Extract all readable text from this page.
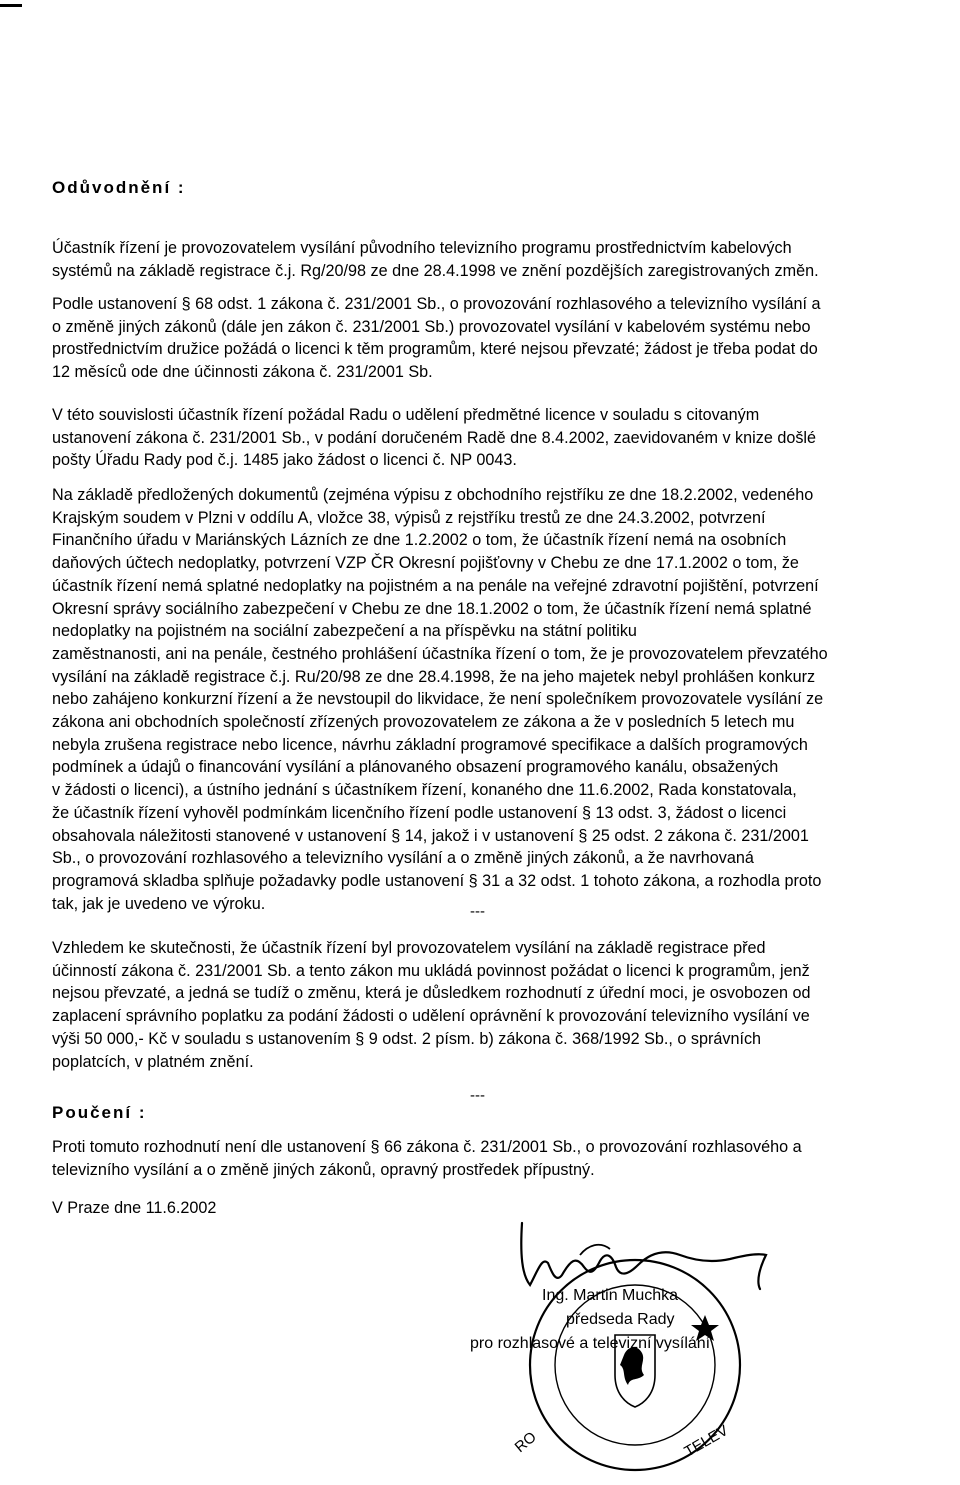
Odůvodnění :

Účastník řízení je provozovatelem vysílání původního televizního programu prostřednictvím kabelových
systémů na základě registrace č.j. Rg/20/98 ze dne 28.4.1998 ve znění pozdějších zaregistrovaných změn.

Podle ustanovení § 68 odst. 1 zákona č. 231/2001 Sb., o provozování rozhlasového a televizního vysílání a
o změně jiných zákonů (dále jen zákon č. 231/2001 Sb.) provozovatel vysílání v kabelovém systému nebo
prostřednictvím družice požádá o licenci k těm programům, které nejsou převzaté; žádost je třeba podat do
12 měsíců ode dne účinnosti zákona č. 231/2001 Sb.

V této souvislosti účastník řízení požádal Radu o udělení předmětné licence v souladu s citovaným
ustanovení zákona č. 231/2001 Sb., v podání doručeném Radě dne 8.4.2002, zaevidovaném v knize došlé
pošty Úřadu Rady pod č.j. 1485 jako žádost o licenci č. NP 0043.

Na základě předložených dokumentů (zejména výpisu z obchodního rejstříku ze dne 18.2.2002, vedeného
Krajským soudem v Plzni v oddílu A, vložce 38, výpisů z rejstříku trestů ze dne 24.3.2002, potvrzení
Finančního úřadu v Mariánských Lázních ze dne 1.2.2002 o tom, že účastník řízení nemá na osobních
daňových účtech nedoplatky, potvrzení VZP ČR Okresní pojišťovny v Chebu ze dne 17.1.2002 o tom, že
účastník řízení nemá splatné nedoplatky na pojistném a na penále na veřejné zdravotní pojištění, potvrzení
Okresní správy sociálního zabezpečení v Chebu ze dne 18.1.2002 o tom, že účastník řízení nemá splatné
nedoplatky na pojistném na sociální zabezpečení a na příspěvku na státní politiku
zaměstnanosti, ani na penále, čestného prohlášení účastníka řízení o tom, že je provozovatelem převzatého
vysílání na základě registrace č.j. Ru/20/98 ze dne 28.4.1998, že na jeho majetek nebyl prohlášen konkurz
nebo zahájeno konkurzní řízení a že nevstoupil do likvidace, že není společníkem provozovatele vysílání ze
zákona ani obchodních společností zřízených provozovatelem ze zákona a že v posledních 5 letech mu
nebyla zrušena registrace nebo licence, návrhu základní programové specifikace a dalších programových
podmínek a údajů o financování vysílání a plánovaného obsazení programového kanálu, obsažených
v žádosti o licenci), a ústního jednání s účastníkem řízení, konaného dne 11.6.2002, Rada konstatovala,
že účastník řízení vyhověl podmínkám licenčního řízení podle ustanovení § 13 odst. 3, žádost o licenci
obsahovala náležitosti stanovené v ustanovení § 14, jakož i v ustanovení § 25 odst. 2 zákona č. 231/2001
Sb., o provozování rozhlasového a televizního vysílání a o změně jiných zákonů, a že navrhovaná
programová skladba splňuje požadavky podle ustanovení § 31 a 32 odst. 1 tohoto zákona, a rozhodla proto
tak, jak je uvedeno ve výroku.	---

Vzhledem ke skutečnosti, že účastník řízení byl provozovatelem vysílání na základě registrace před
účinností zákona č. 231/2001 Sb. a tento zákon mu ukládá povinnost požádat o licenci k programům, jenž
nejsou převzaté, a jedná se tudíž o změnu, která je důsledkem rozhodnutí z úřední moci, je osvobozen od
zaplacení správního poplatku za podání žádosti o udělení oprávnění k provozování televizního vysílání ve
výši 50 000,- Kč v souladu s ustanovením § 9 odst. 2 písm. b) zákona č. 368/1992 Sb., o správních
poplatcích, v platném znění.

---
Poučení :

Proti tomuto rozhodnutí není dle ustanovení § 66 zákona č. 231/2001 Sb., o provozování rozhlasového a
televizního vysílání a o změně jiných zákonů, opravný prostředek přípustný.

V Praze dne 11.6.2002
RO	TELEV
Ing. Martin Muchka
předseda Rady
pro rozhlasové a televizní vysílání
